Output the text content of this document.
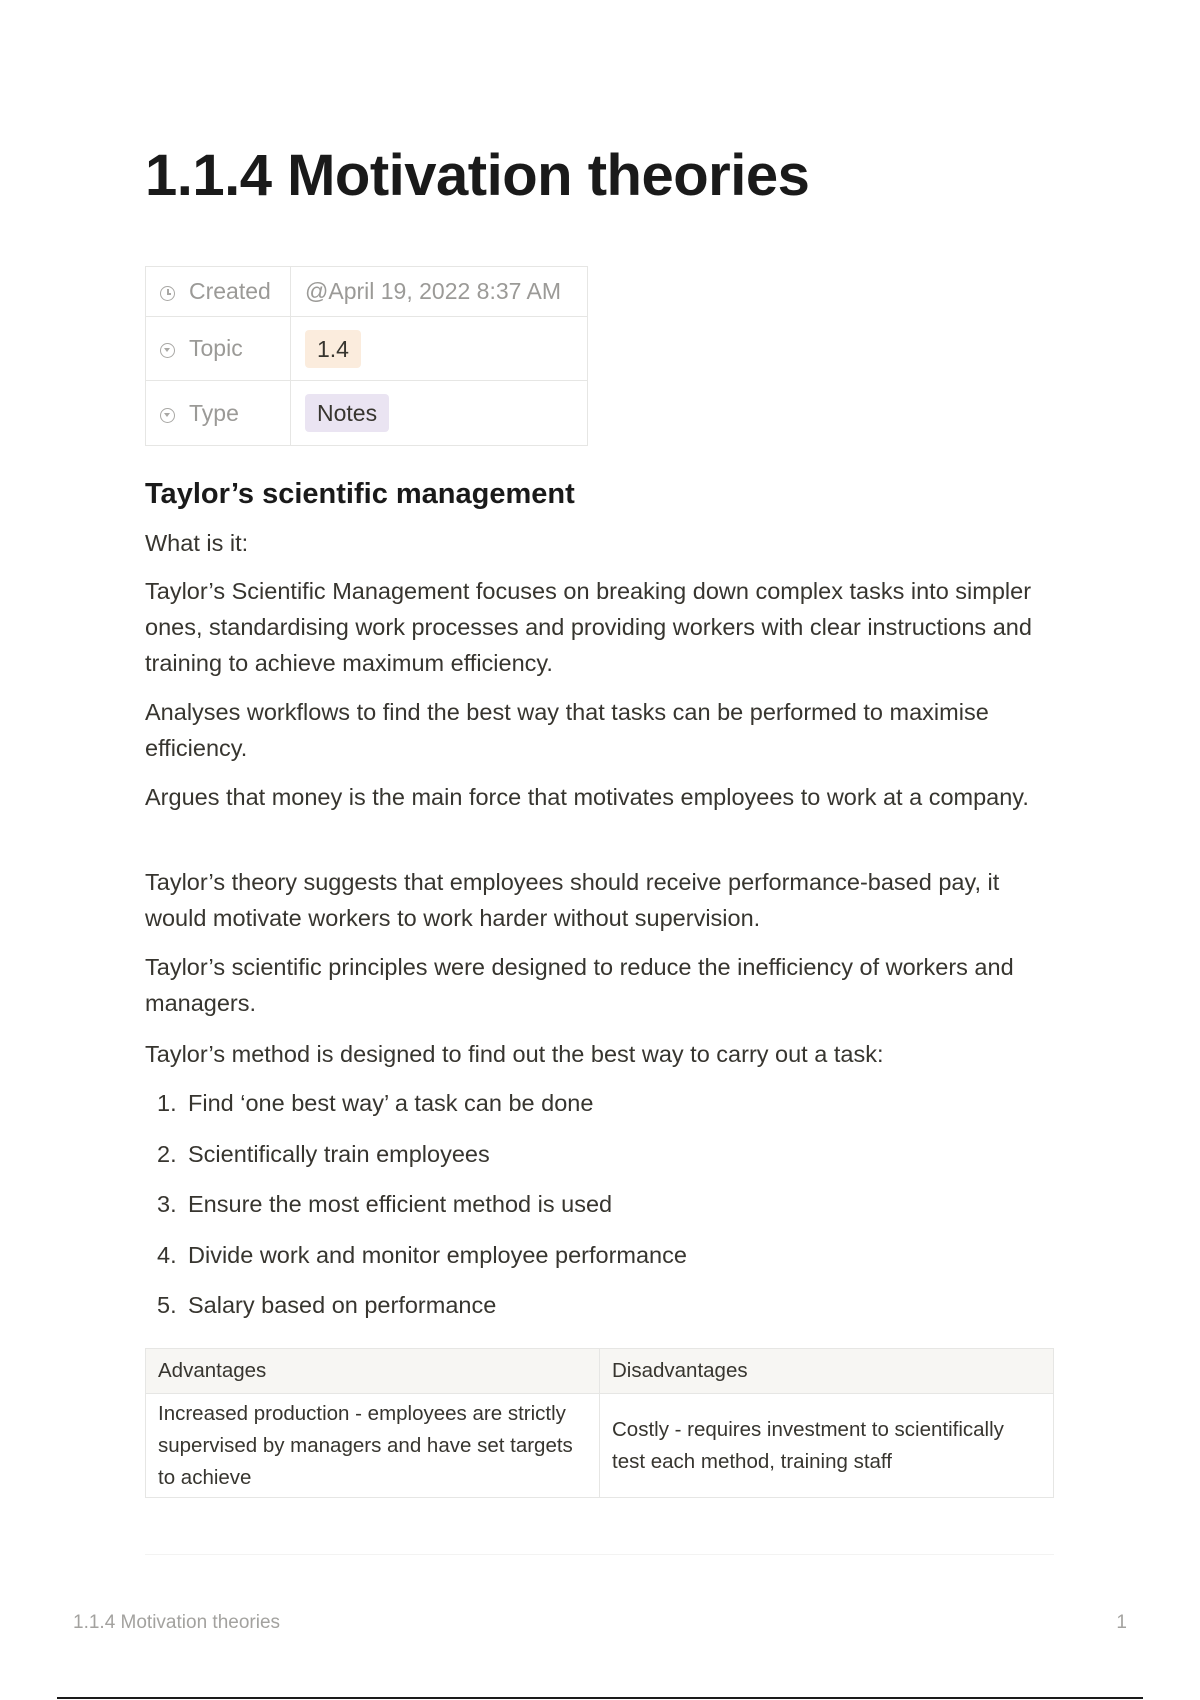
1.1.4 Motivation theories
Created	@April 19, 2022 8:37 AM
Topic	1.4
Type	Notes
Taylor’s scientific management

What is it:

Taylor’s Scientific Management focuses on breaking down complex tasks into simpler ones, standardising work processes and providing workers with clear instructions and training to achieve maximum efficiency.

Analyses workflows to find the best way that tasks can be performed to maximise efficiency.

Argues that money is the main force that motivates employees to work at a company.

Taylor’s theory suggests that employees should receive performance-based pay, it would motivate workers to work harder without supervision.

Taylor’s scientific principles were designed to reduce the inefficiency of workers and managers.

Taylor’s method is designed to find out the best way to carry out a task:

1. Find ‘one best way’ a task can be done
2. Scientifically train employees
3. Ensure the most efficient method is used
4. Divide work and monitor employee performance
5. Salary based on performance
Advantages	Disadvantages
Increased production - employees are strictly supervised by managers and have set targets to achieve	Costly - requires investment to scientifically test each method, training staff
1.1.4 Motivation theories	1
